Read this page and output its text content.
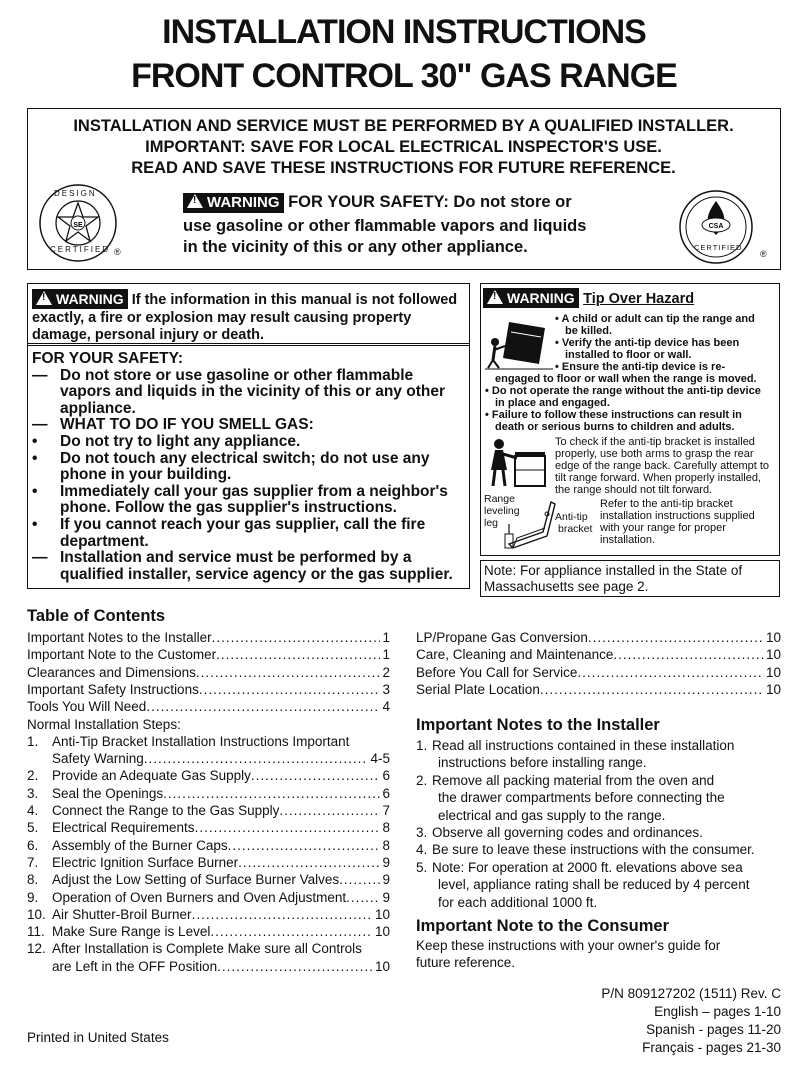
INSTALLATION INSTRUCTIONS
FRONT CONTROL 30" GAS RANGE
INSTALLATION AND SERVICE MUST BE PERFORMED BY A QUALIFIED INSTALLER.
IMPORTANT: SAVE FOR LOCAL ELECTRICAL INSPECTOR'S USE.
READ AND SAVE THESE INSTRUCTIONS FOR FUTURE REFERENCE.
SE
DESIGN
CERTIFIED ®
!WARNING FOR YOUR SAFETY: Do not store or
use gasoline or other flammable vapors and liquids
in the vicinity of this or any other appliance.
CSA
CERTIFIED
®
!WARNING If the information in this manual is not followed
exactly, a fire or explosion may result causing property
damage, personal injury or death.
FOR YOUR SAFETY:
— Do not store or use gasoline or other flammable
vapors and liquids in the vicinity of this or any other
appliance.
— WHAT TO DO IF YOU SMELL GAS:
• Do not try to light any appliance.
• Do not touch any electrical switch; do not use any
phone in your building.
• Immediately call your gas supplier from a neighbor's
phone. Follow the gas supplier's instructions.
• If you cannot reach your gas supplier, call the fire
department.
— Installation and service must be performed by a
qualified installer, service agency or the gas supplier.
!WARNING Tip Over Hazard
• A child or adult can tip the range and
be killed.
• Verify the anti-tip device has been
installed to floor or wall.
• Ensure the anti-tip device is re-
engaged to floor or wall when the range is moved.
• Do not operate the range without the anti-tip device
in place and engaged.
• Failure to follow these instructions can result in
death or serious burns to children and adults.
To check if the anti-tip bracket is installed
properly, use both arms to grasp the rear
edge of the range back. Carefully attempt to
tilt range forward. When properly installed,
the range should not tilt forward.
Range
leveling
leg	Anti-tip
bracket
Refer to the anti-tip bracket
installation instructions supplied
with your range for proper
installation.
Note: For appliance installed in the State of
Massachusetts see page 2.
Table of Contents
Important Notes to the Installer .....	1
Important Note to the Customer .....	1
Clearances and Dimensions .....	2
Important Safety Instructions .....	3
Tools You Will Need .....	4
Normal Installation Steps:
1. Anti-Tip Bracket Installation Instructions Important
Safety Warning .....	4-5
2. Provide an Adequate Gas Supply .....	6
3. Seal the Openings .....	6
4. Connect the Range to the Gas Supply .....	7
5. Electrical Requirements .....	8
6. Assembly of the Burner Caps .....	8
7. Electric Ignition Surface Burner .....	9
8. Adjust the Low Setting of Surface Burner Valves .....	9
9. Operation of Oven Burners and Oven Adjustment .....	9
10. Air Shutter-Broil Burner .....	10
11. Make Sure Range is Level .....	10
12. After Installation is Complete Make sure all Controls
are Left in the OFF Position .....	10
LP/Propane Gas Conversion .....	10
Care, Cleaning and Maintenance .....	10
Before You Call for Service .....	10
Serial Plate Location .....	10
Important Notes to the Installer
1. Read all instructions contained in these installation
instructions before installing range.
2. Remove all packing material from the oven and
the drawer compartments before connecting the
electrical and gas supply to the range.
3. Observe all governing codes and ordinances.
4. Be sure to leave these instructions with the consumer.
5. Note: For operation at 2000 ft. elevations above sea
level, appliance rating shall be reduced by 4 percent
for each additional 1000 ft.
Important Note to the Consumer
Keep these instructions with your owner's guide for
future reference.
P/N 809127202 (1511) Rev. C
English – pages 1-10
Spanish - pages 11-20
Français - pages 21-30
Printed in United States
